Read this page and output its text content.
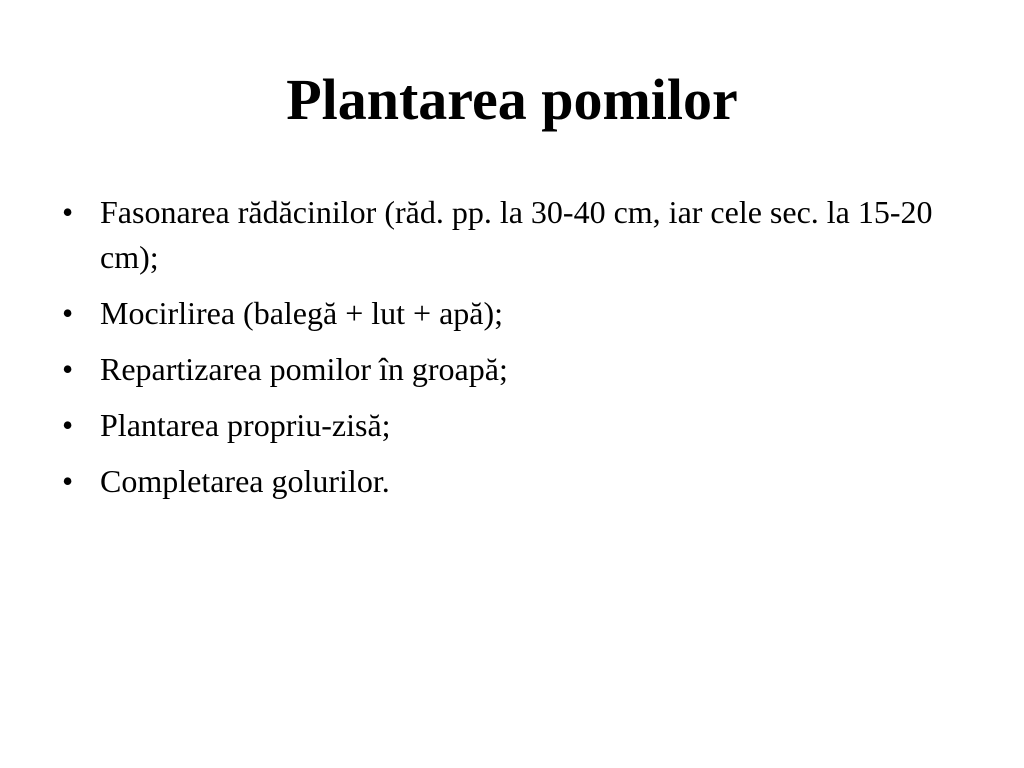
Plantarea pomilor
• Fasonarea rădăcinilor (răd. pp. la 30-40 cm, iar cele sec. la 15-20 cm);
• Mocirlirea (balegă + lut + apă);
• Repartizarea pomilor în groapă;
• Plantarea propriu-zisă;
• Completarea golurilor.
